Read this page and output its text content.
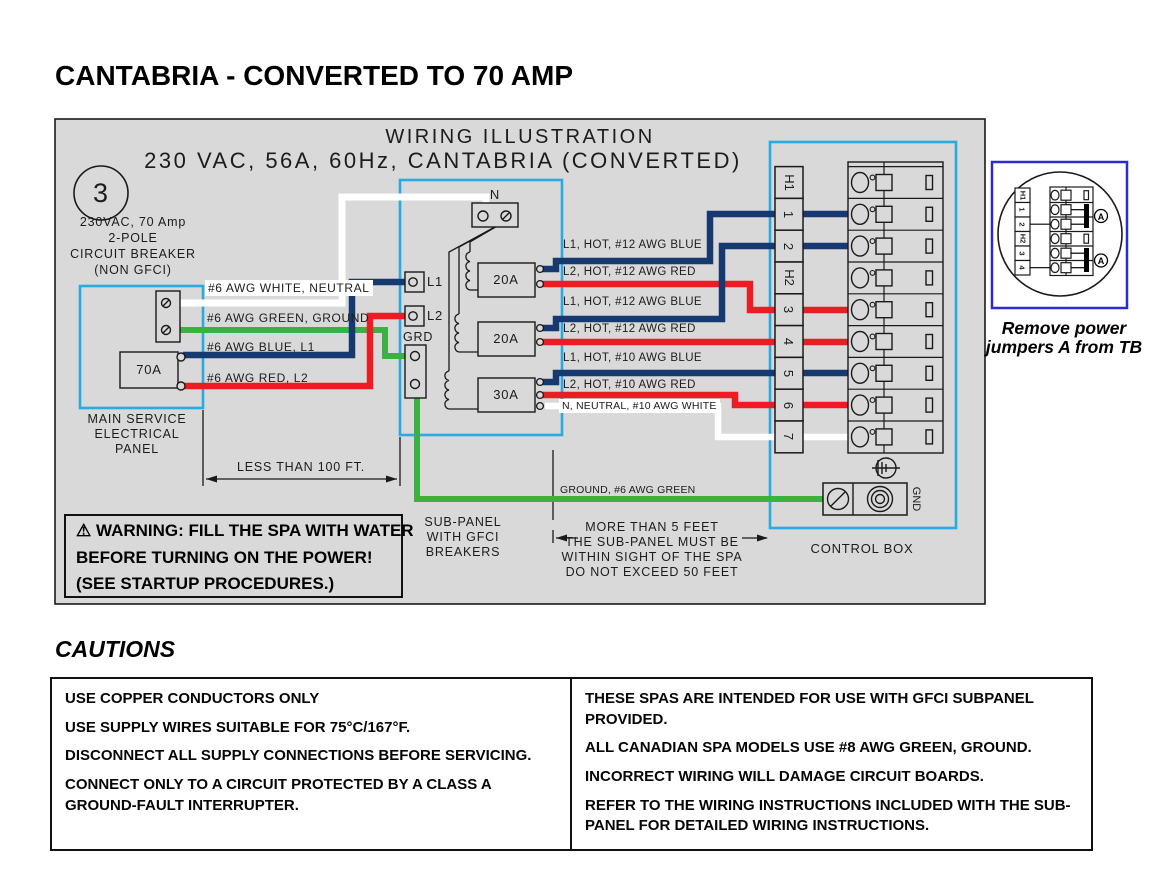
CANTABRIA - CONVERTED TO 70 AMP
WIRING ILLUSTRATION
230 VAC, 56A, 60Hz, CANTABRIA (CONVERTED)
3
230VAC, 70 Amp
2-POLE
CIRCUIT BREAKER
(NON GFCI)
#6 AWG WHITE, NEUTRAL
#6 AWG GREEN, GROUND
#6 AWG BLUE, L1
#6 AWG RED, L2
70A
MAIN SERVICE
ELECTRICAL
PANEL
LESS THAN 100 FT.
N
L1
L2
GRD
20A
20A
30A
L1, HOT, #12 AWG BLUE
L2, HOT, #12 AWG RED
L1, HOT, #12 AWG BLUE
L2, HOT, #12 AWG RED
L1, HOT, #10 AWG BLUE
L2, HOT, #10 AWG RED
N, NEUTRAL, #10 AWG WHITE
GROUND, #6 AWG GREEN
SUB-PANEL
WITH GFCI
BREAKERS
MORE THAN 5 FEET
THE SUB-PANEL MUST BE
WITHIN SIGHT OF THE SPA
DO NOT EXCEED 50 FEET
CONTROL BOX
H1
1
2
H2
3
4
5
6
7
GND
⚠ WARNING: FILL THE SPA WITH WATER
BEFORE TURNING ON THE POWER!
(SEE STARTUP PROCEDURES.)
H1
1
2
H2
3
4
A
A
Remove power
jumpers A from TB
CAUTIONS
USE COPPER CONDUCTORS ONLY
USE SUPPLY WIRES SUITABLE FOR 75°C/167°F.
DISCONNECT ALL SUPPLY CONNECTIONS BEFORE SERVICING.
CONNECT ONLY TO A CIRCUIT PROTECTED BY A CLASS A GROUND-FAULT INTERRUPTER.
THESE SPAS ARE INTENDED FOR USE WITH GFCI SUBPANEL PROVIDED.
ALL CANADIAN SPA MODELS USE #8 AWG GREEN, GROUND.
INCORRECT WIRING WILL DAMAGE CIRCUIT BOARDS.
REFER TO THE WIRING INSTRUCTIONS INCLUDED WITH THE SUB-PANEL FOR DETAILED WIRING INSTRUCTIONS.
